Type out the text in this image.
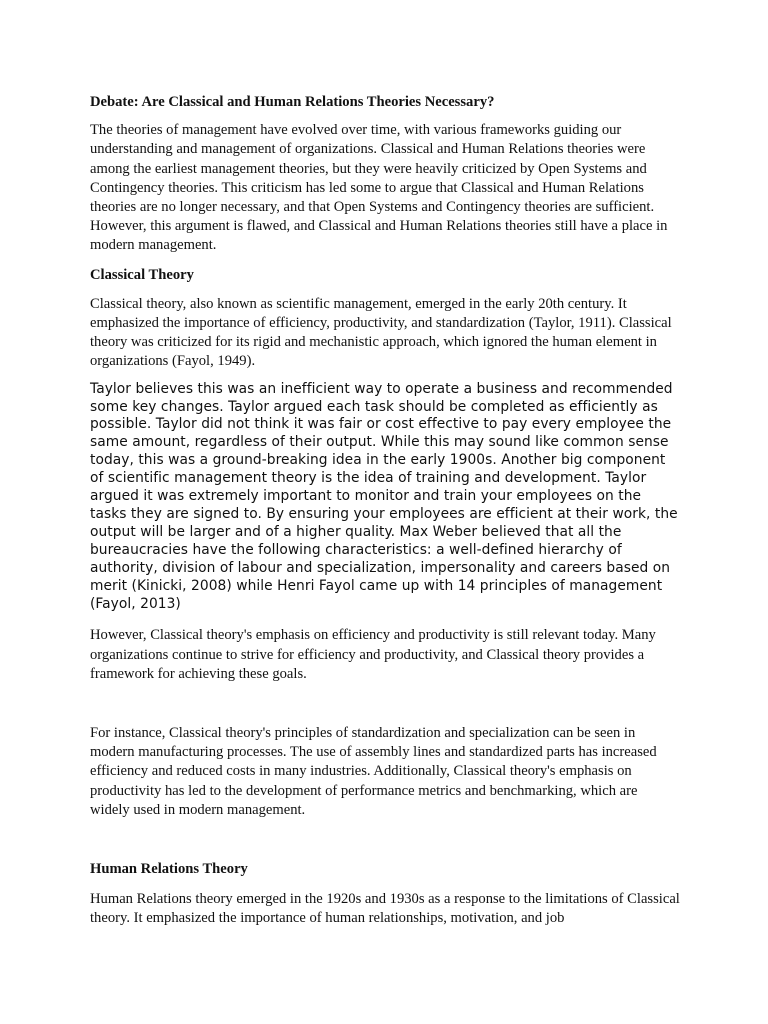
Debate: Are Classical and Human Relations Theories Necessary?

The theories of management have evolved over time, with various frameworks guiding our understanding and management of organizations. Classical and Human Relations theories were among the earliest management theories, but they were heavily criticized by Open Systems and Contingency theories. This criticism has led some to argue that Classical and Human Relations theories are no longer necessary, and that Open Systems and Contingency theories are sufficient. However, this argument is flawed, and Classical and Human Relations theories still have a place in modern management.

Classical Theory

Classical theory, also known as scientific management, emerged in the early 20th century. It emphasized the importance of efficiency, productivity, and standardization (Taylor, 1911). Classical theory was criticized for its rigid and mechanistic approach, which ignored the human element in organizations (Fayol, 1949).

Taylor believes this was an inefficient way to operate a business and recommended some key changes. Taylor argued each task should be completed as efficiently as possible. Taylor did not think it was fair or cost effective to pay every employee the same amount, regardless of their output. While this may sound like common sense today, this was a ground-breaking idea in the early 1900s. Another big component of scientific management theory is the idea of training and development. Taylor argued it was extremely important to monitor and train your employees on the tasks they are signed to. By ensuring your employees are efficient at their work, the output will be larger and of a higher quality. Max Weber believed that all the bureaucracies have the following characteristics: a well-defined hierarchy of authority, division of labour and specialization, impersonality and careers based on merit (Kinicki, 2008) while Henri Fayol came up with 14 principles of management (Fayol, 2013)

However, Classical theory's emphasis on efficiency and productivity is still relevant today. Many organizations continue to strive for efficiency and productivity, and Classical theory provides a framework for achieving these goals.

For instance, Classical theory's principles of standardization and specialization can be seen in modern manufacturing processes. The use of assembly lines and standardized parts has increased efficiency and reduced costs in many industries. Additionally, Classical theory's emphasis on productivity has led to the development of performance metrics and benchmarking, which are widely used in modern management.

Human Relations Theory

Human Relations theory emerged in the 1920s and 1930s as a response to the limitations of Classical theory. It emphasized the importance of human relationships, motivation, and job
